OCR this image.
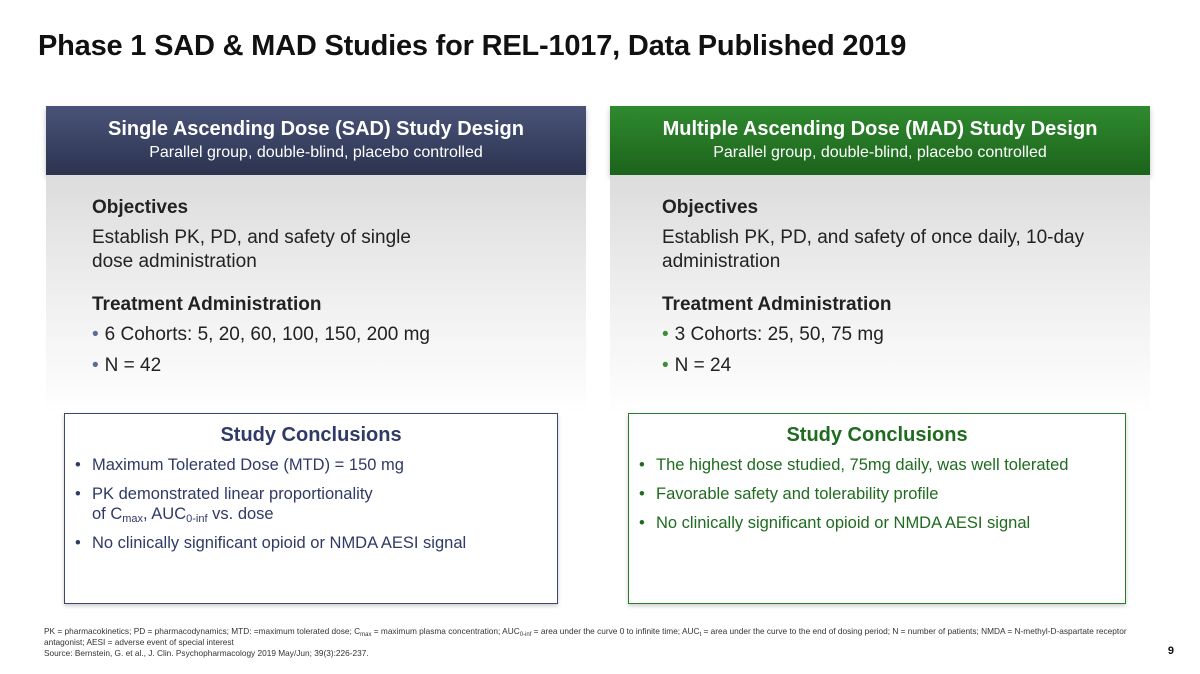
Phase 1 SAD & MAD Studies for REL-1017, Data Published 2019
Single Ascending Dose (SAD) Study Design
Parallel group, double-blind, placebo controlled
Objectives
Establish PK, PD, and safety of single dose administration
Treatment Administration
• 6 Cohorts: 5, 20, 60, 100, 150, 200 mg
• N = 42
Multiple Ascending Dose (MAD) Study Design
Parallel group, double-blind, placebo controlled
Objectives
Establish PK, PD, and safety of once daily, 10-day administration
Treatment Administration
• 3 Cohorts: 25, 50, 75 mg
• N = 24
Study Conclusions
• Maximum Tolerated Dose (MTD) = 150 mg
• PK demonstrated linear proportionality
of $C_{max}$, $AUC_{0-inf}$ vs. dose
• No clinically significant opioid or NMDA AESI signal
Study Conclusions
• The highest dose studied, 75mg daily, was well tolerated
• Favorable safety and tolerability profile
• No clinically significant opioid or NMDA AESI signal
PK = pharmacokinetics; PD = pharmacodynamics; MTD: =maximum tolerated dose; $C_{max}$ = maximum plasma concentration; $AUC_{0-inf}$ = area under the curve 0 to infinite time; $AUC_t$ = area under the curve to the end of dosing period; N = number of patients; NMDA = N-methyl-D-aspartate receptor antagonist; AESI = adverse event of special interest
Source: Bernstein, G. et al., J. Clin. Psychopharmacology 2019 May/Jun; 39(3):226-237.	9
